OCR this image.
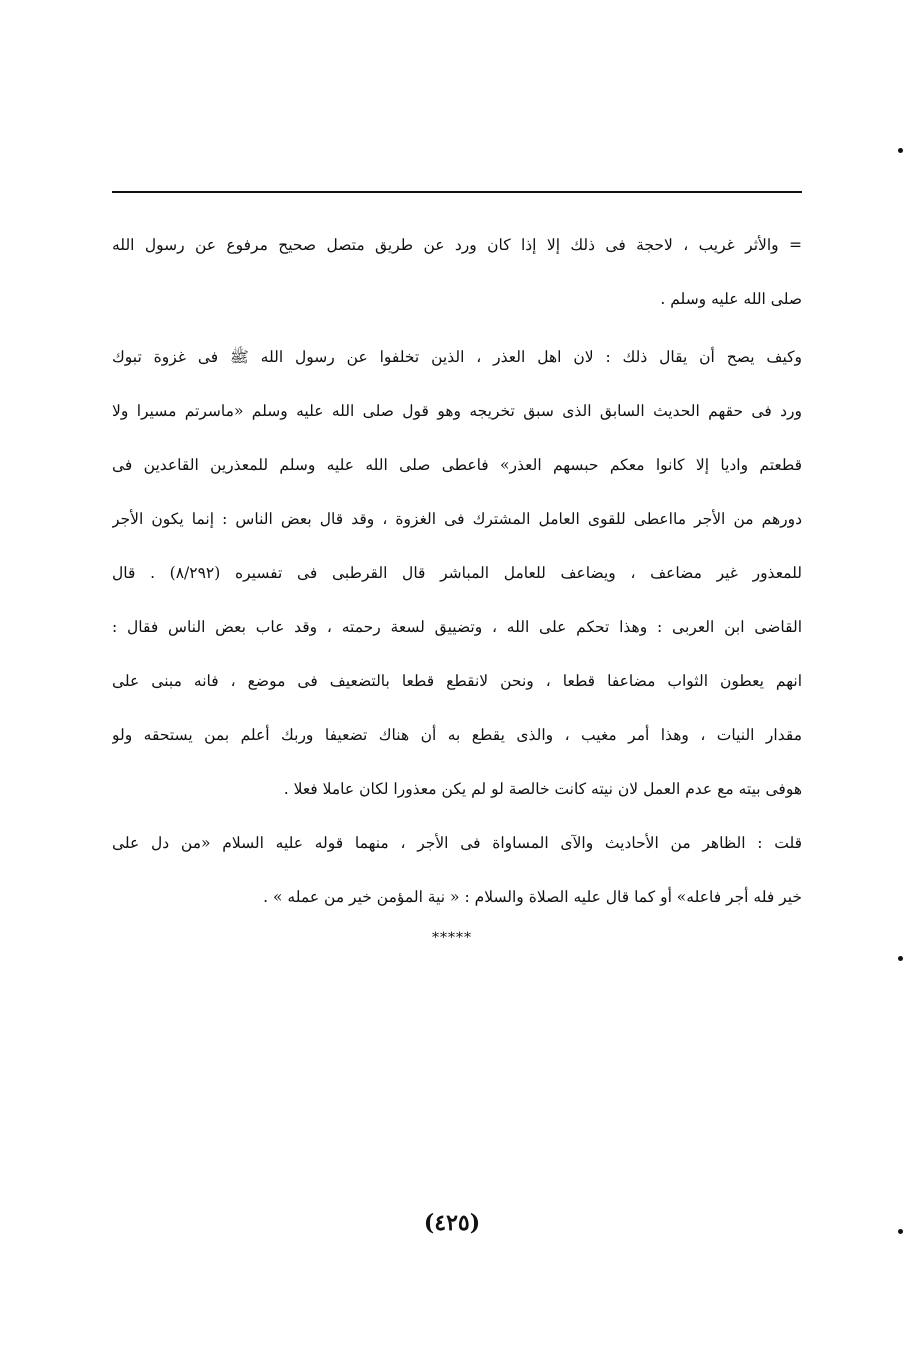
= والأثر غريب ، لاحجة فى ذلك إلا إذا كان ورد عن طريق متصل صحيح مرفوع عن رسول الله
صلى الله عليه وسلم .
وكيف يصح أن يقال ذلك : لان اهل العذر ، الذين تخلفوا عن رسول الله ﷺ فى غزوة تبوك
ورد فى حقهم الحديث السابق الذى سبق تخريجه وهو قول صلى الله عليه وسلم «ماسرتم مسيرا ولا
قطعتم واديا إلا كانوا معكم حبسهم العذر» فاعطى صلى الله عليه وسلم للمعذرين القاعدين فى
دورهم من الأجر مااعطى للقوى العامل المشترك فى الغزوة ، وقد قال بعض الناس : إنما يكون الأجر
للمعذور غير مضاعف ، ويضاعف للعامل المباشر قال القرطبى فى تفسيره (٨/٢٩٢) . قال
القاضى ابن العربى : وهذا تحكم على الله ، وتضييق لسعة رحمته ، وقد عاب بعض الناس فقال :
انهم يعطون الثواب مضاعفا قطعا ، ونحن لانقطع قطعا بالتضعيف فى موضع ، فانه مبنى على
مقدار النيات ، وهذا أمر مغيب ، والذى يقطع به أن هناك تضعيفا وربك أعلم بمن يستحقه ولو
هوفى بيته مع عدم العمل لان نيته كانت خالصة لو لم يكن معذورا لكان عاملا فعلا .
قلت : الظاهر من الأحاديث والآى المساواة فى الأجر ، منهما قوله عليه السلام «من دل على
خير فله أجر فاعله» أو كما قال عليه الصلاة والسلام : « نية المؤمن خير من عمله » .
*****
(٤٢٥)
